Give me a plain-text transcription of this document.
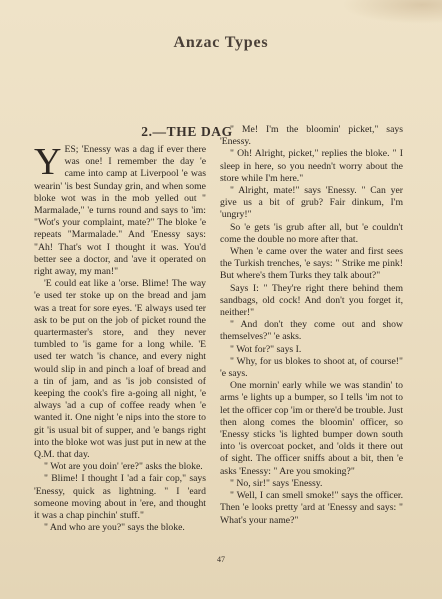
Anzac Types
2.—THE DAG

YES; 'Enessy was a dag if ever there was one! I remember the day 'e came into camp at Liverpool 'e was wearin' 'is best Sunday grin, and when some bloke wot was in the mob yelled out " Marmalade," 'e turns round and says to 'im: "Wot's your complaint, mate?" The bloke 'e repeats "Marmalade." And 'Enessy says: "Ah! That's wot I thought it was. You'd better see a doctor, and 'ave it operated on right away, my man!"

'E could eat like a 'orse. Blime! The way 'e used ter stoke up on the bread and jam was a treat for sore eyes. 'E always used ter ask to be put on the job of picket round the quartermaster's store, and they never tumbled to 'is game for a long while. 'E used ter watch 'is chance, and every night would slip in and pinch a loaf of bread and a tin of jam, and as 'is job consisted of keeping the cook's fire a-going all night, 'e always 'ad a cup of coffee ready when 'e wanted it. One night 'e nips into the store to git 'is usual bit of supper, and 'e bangs right into the bloke wot was just put in new at the Q.M. that day.

" Wot are you doin' 'ere?" asks the bloke.

" Blime! I thought I 'ad a fair cop," says 'Enessy, quick as lightning. " I 'eard someone moving about in 'ere, and thought it was a chap pinchin' stuff."

" And who are you?" says the bloke.

" Me! I'm the bloomin' picket," says 'Enessy.

" Oh! Alright, picket," replies the bloke. " I sleep in here, so you needn't worry about the store while I'm here."

" Alright, mate!" says 'Enessy. " Can yer give us a bit of grub? Fair dinkum, I'm 'ungry!"

So 'e gets 'is grub after all, but 'e couldn't come the double no more after that.

When 'e came over the water and first sees the Turkish trenches, 'e says: " Strike me pink! But where's them Turks they talk about?"

Says I: " They're right there behind them sandbags, old cock! And don't you forget it, neither!"

" And don't they come out and show themselves?" 'e asks.

" Wot for?" says I.

" Why, for us blokes to shoot at, of course!" 'e says.

One mornin' early while we was standin' to arms 'e lights up a bumper, so I tells 'im not to let the officer cop 'im or there'd be trouble. Just then along comes the bloomin' officer, so 'Enessy sticks 'is lighted bumper down south into 'is overcoat pocket, and 'olds it there out of sight. The officer sniffs about a bit, then 'e asks 'Enessy: " Are you smoking?"

" No, sir!" says 'Enessy.

" Well, I can smell smoke!" says the officer. Then 'e looks pretty 'ard at 'Enessy and says: " What's your name?"

47
